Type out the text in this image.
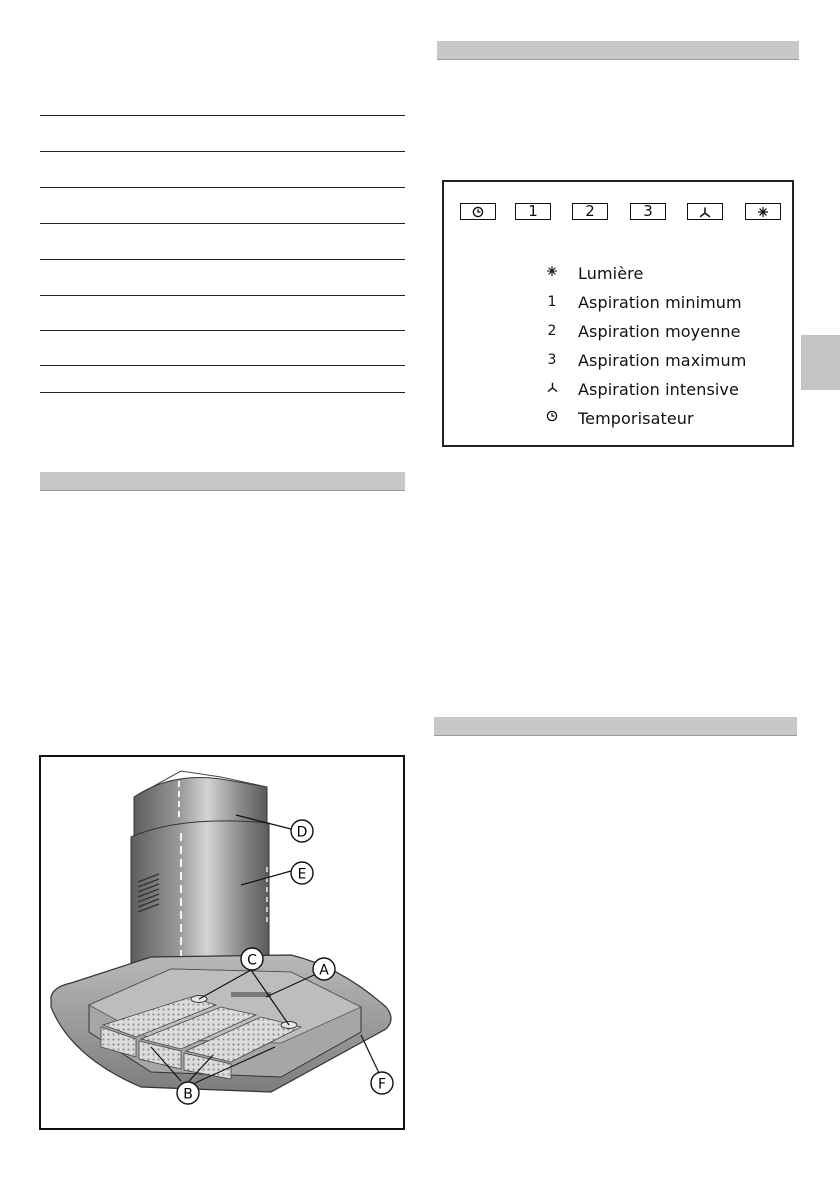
1	2	3
Lumière
1	Aspiration minimum
2	Aspiration moyenne
3	Aspiration maximum
Aspiration intensive
Temporisateur
D
E
C
A
F
B
